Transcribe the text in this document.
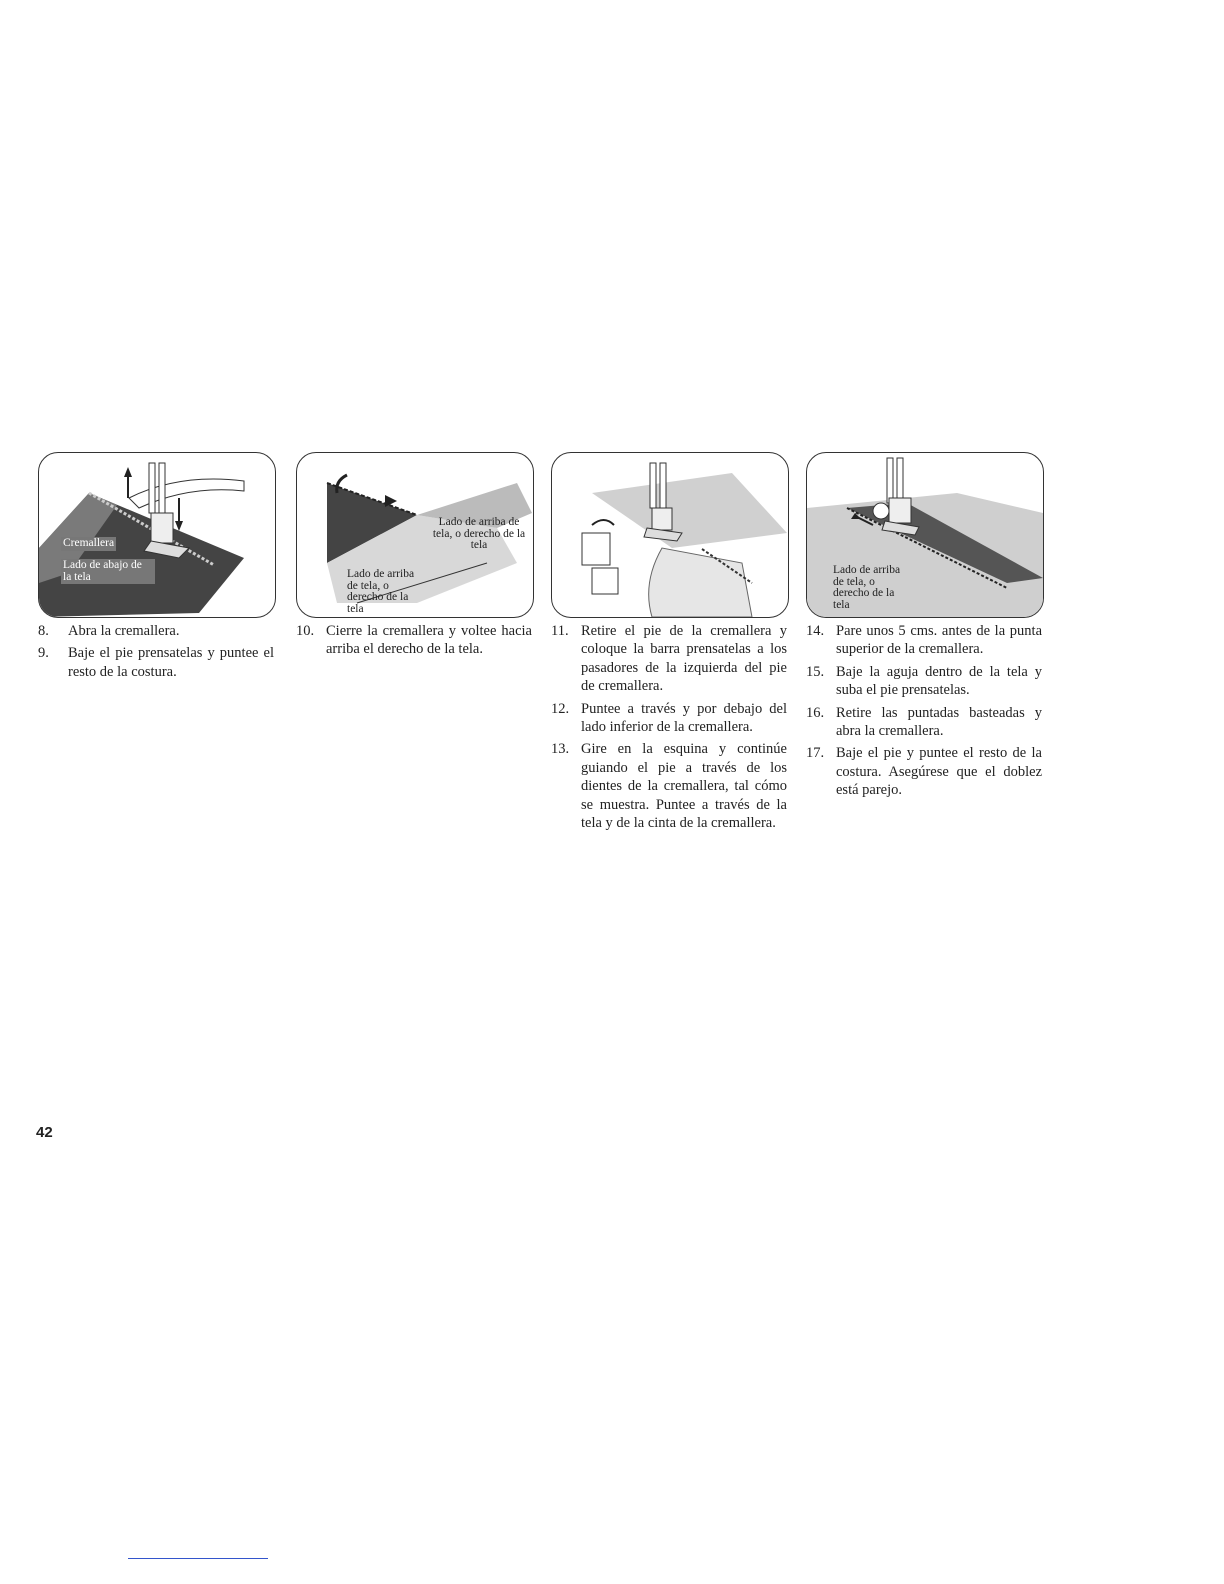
Cremallera
Lado de abajo de la tela
Lado de arriba de tela, o derecho de la tela
Lado de arriba de tela, o derecho de la tela
Lado de arriba de tela, o derecho de la tela
8. Abra la cremallera.
9. Baje el pie prensatelas y puntee el resto de la costura.
10. Cierre la cremallera y voltee hacia arriba el derecho de la tela.
11. Retire el pie de la cremallera y coloque la barra prensatelas a los pasadores de la izquierda del pie de cremallera.
12. Puntee a través y por debajo del lado inferior de la cremallera.
13. Gire en la esquina y continúe guiando el pie a través de los dientes de la cremallera, tal cómo se muestra. Puntee a través de la tela y de la cinta de la cremallera.
14. Pare unos 5 cms. antes de la punta superior de la cremallera.
15. Baje la aguja dentro de la tela y suba el pie prensatelas.
16. Retire las puntadas basteadas y abra la cremallera.
17. Baje el pie y puntee el resto de la costura. Asegúrese que el doblez está parejo.
42
